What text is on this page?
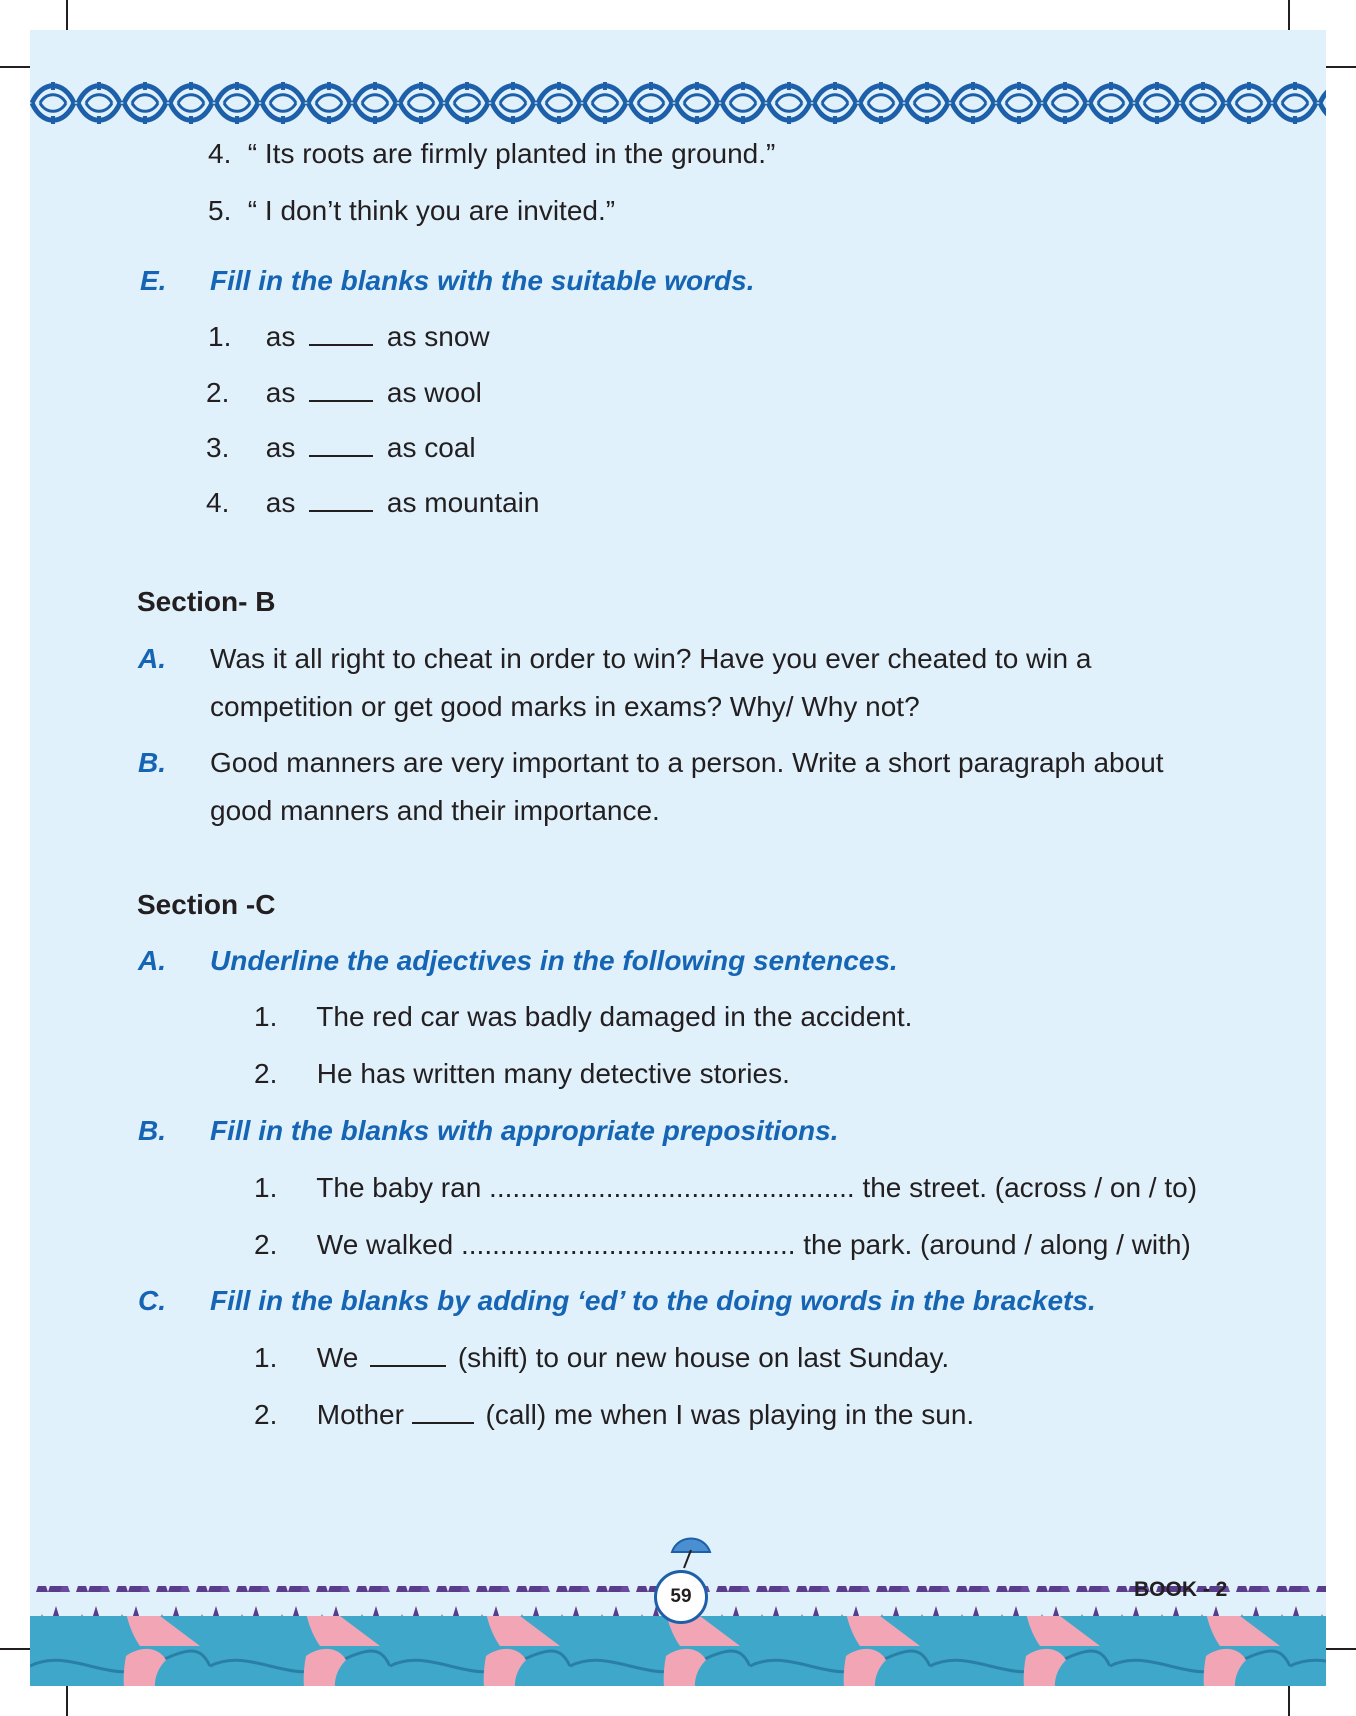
4. “ Its roots are firmly planted in the ground.”
5. “ I don’t think you are invited.”
E. Fill in the blanks with the suitable words.
1. as	as snow
2. as	as wool
3. as	as coal
4. as	as mountain
Section- B
A. Was it all right to cheat in order to win? Have you ever cheated to win a
competition or get good marks in exams? Why/ Why not?
B. Good manners are very important to a person. Write a short paragraph about
good manners and their importance.
Section -C
A. Underline the adjectives in the following sentences.
1. The red car was badly damaged in the accident.
2. He has written many detective stories.
B. Fill in the blanks with appropriate prepositions.
1. The baby ran ............................................... the street. (across / on / to)
2. We walked ........................................... the park. (around / along / with)
C. Fill in the blanks by adding ‘ed’ to the doing words in the brackets.
1. We	(shift) to our new house on last Sunday.
2. Mother	(call) me when I was playing in the sun.
59	BOOK - 2
